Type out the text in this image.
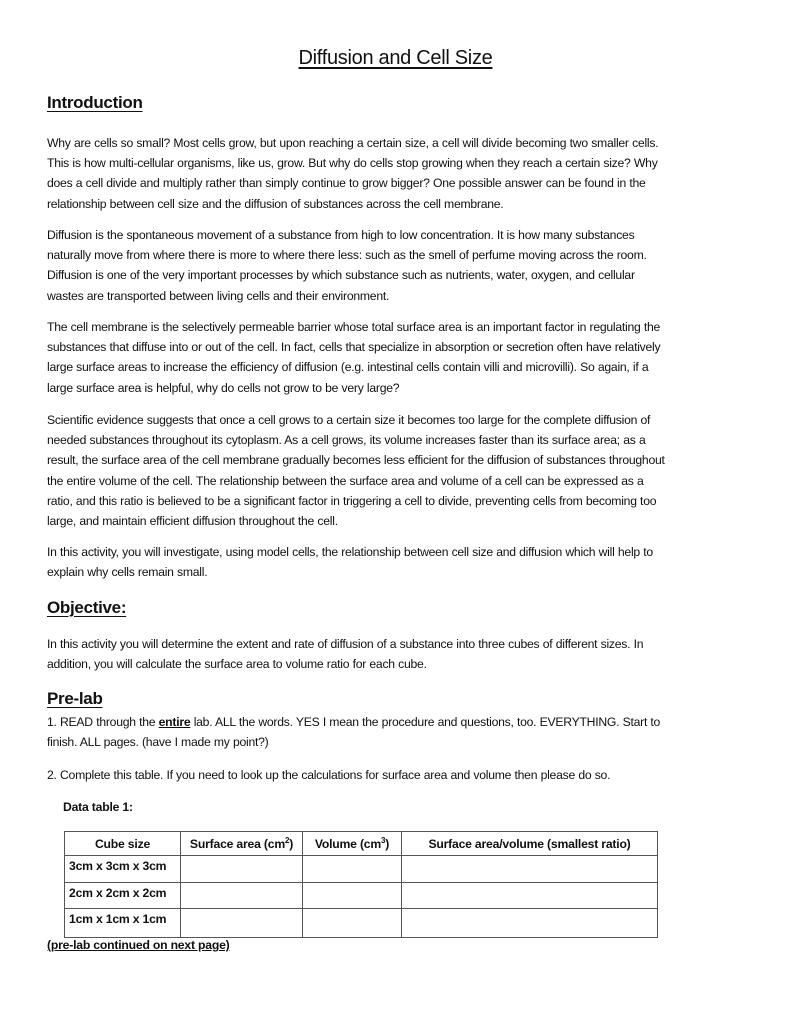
Diffusion and Cell Size
Introduction

Why are cells so small? Most cells grow, but upon reaching a certain size, a cell will divide becoming two smaller cells.
This is how multi-cellular organisms, like us, grow. But why do cells stop growing when they reach a certain size? Why
does a cell divide and multiply rather than simply continue to grow bigger? One possible answer can be found in the
relationship between cell size and the diffusion of substances across the cell membrane.

Diffusion is the spontaneous movement of a substance from high to low concentration. It is how many substances
naturally move from where there is more to where there less: such as the smell of perfume moving across the room.
Diffusion is one of the very important processes by which substance such as nutrients, water, oxygen, and cellular
wastes are transported between living cells and their environment.

The cell membrane is the selectively permeable barrier whose total surface area is an important factor in regulating the
substances that diffuse into or out of the cell. In fact, cells that specialize in absorption or secretion often have relatively
large surface areas to increase the efficiency of diffusion (e.g. intestinal cells contain villi and microvilli). So again, if a
large surface area is helpful, why do cells not grow to be very large?

Scientific evidence suggests that once a cell grows to a certain size it becomes too large for the complete diffusion of
needed substances throughout its cytoplasm. As a cell grows, its volume increases faster than its surface area; as a
result, the surface area of the cell membrane gradually becomes less efficient for the diffusion of substances throughout
the entire volume of the cell. The relationship between the surface area and volume of a cell can be expressed as a
ratio, and this ratio is believed to be a significant factor in triggering a cell to divide, preventing cells from becoming too
large, and maintain efficient diffusion throughout the cell.

In this activity, you will investigate, using model cells, the relationship between cell size and diffusion which will help to
explain why cells remain small.

Objective:

In this activity you will determine the extent and rate of diffusion of a substance into three cubes of different sizes. In
addition, you will calculate the surface area to volume ratio for each cube.

Pre-lab

1. READ through the entire lab. ALL the words. YES I mean the procedure and questions, too. EVERYTHING. Start to
finish. ALL pages. (have I made my point?)

2. Complete this table. If you need to look up the calculations for surface area and volume then please do so.

Data table 1:
Cube size	Surface area $(cm^2)$	Volume $(cm^3)$	Surface area/volume (smallest ratio)
3cm x 3cm x 3cm			
2cm x 2cm x 2cm			
1cm x 1cm x 1cm			
(pre-lab continued on next page)
